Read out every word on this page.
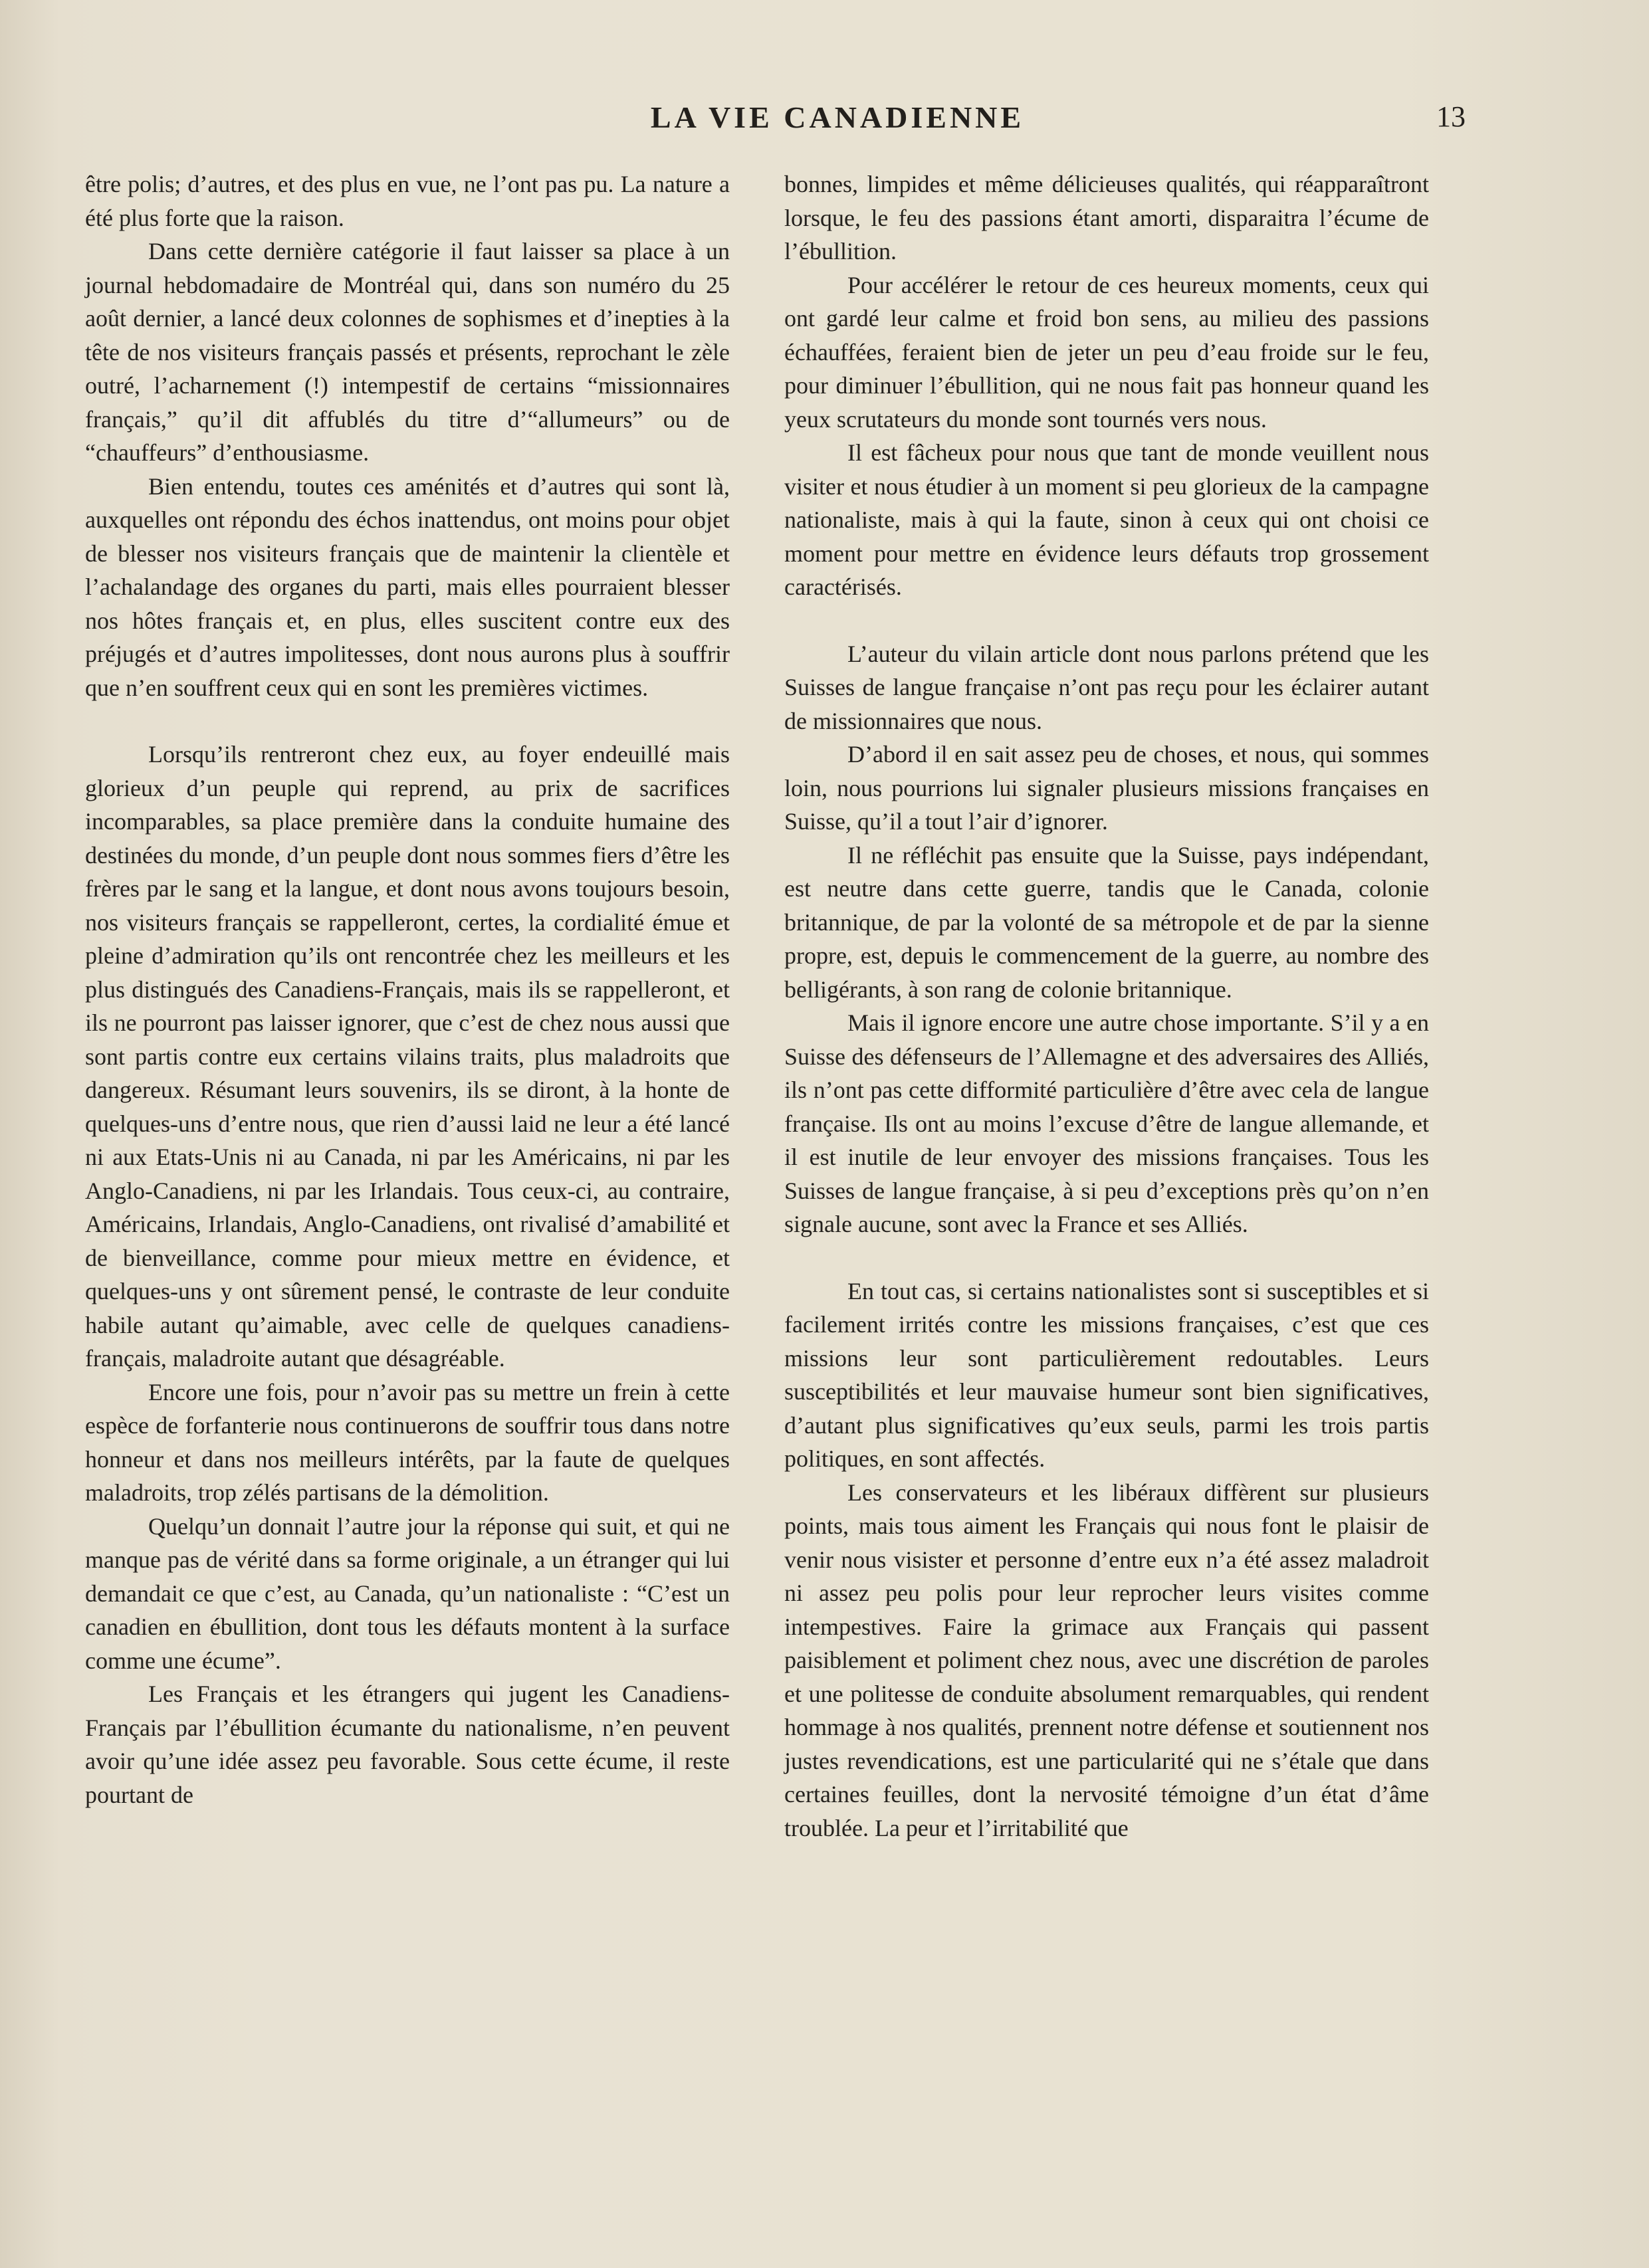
LA VIE CANADIENNE	13

être polis; d’autres, et des plus en vue, ne l’ont pas pu. La nature a été plus forte que la raison.

Dans cette dernière catégorie il faut laisser sa place à un journal hebdomadaire de Montréal qui, dans son numéro du 25 août dernier, a lancé deux colonnes de sophismes et d’inepties à la tête de nos visiteurs français passés et présents, reprochant le zèle outré, l’acharnement (!) intempestif de certains “missionnaires français,” qu’il dit affublés du titre d’“allumeurs” ou de “chauffeurs” d’enthousiasme.

Bien entendu, toutes ces aménités et d’autres qui sont là, auxquelles ont répondu des échos inattendus, ont moins pour objet de blesser nos visiteurs français que de maintenir la clientèle et l’achalandage des organes du parti, mais elles pourraient blesser nos hôtes français et, en plus, elles suscitent contre eux des préjugés et d’autres impolitesses, dont nous aurons plus à souffrir que n’en souffrent ceux qui en sont les premières victimes.

Lorsqu’ils rentreront chez eux, au foyer endeuillé mais glorieux d’un peuple qui reprend, au prix de sacrifices incomparables, sa place première dans la conduite humaine des destinées du monde, d’un peuple dont nous sommes fiers d’être les frères par le sang et la langue, et dont nous avons toujours besoin, nos visiteurs français se rappelleront, certes, la cordialité émue et pleine d’admiration qu’ils ont rencontrée chez les meilleurs et les plus distingués des Canadiens-Français, mais ils se rappelleront, et ils ne pourront pas laisser ignorer, que c’est de chez nous aussi que sont partis contre eux certains vilains traits, plus maladroits que dangereux. Résumant leurs souvenirs, ils se diront, à la honte de quelques-uns d’entre nous, que rien d’aussi laid ne leur a été lancé ni aux Etats-Unis ni au Canada, ni par les Américains, ni par les Anglo-Canadiens, ni par les Irlandais. Tous ceux-ci, au contraire, Américains, Irlandais, Anglo-Canadiens, ont rivalisé d’amabilité et de bienveillance, comme pour mieux mettre en évidence, et quelques-uns y ont sûrement pensé, le contraste de leur conduite habile autant qu’aimable, avec celle de quelques canadiens-français, maladroite autant que désagréable.

Encore une fois, pour n’avoir pas su mettre un frein à cette espèce de forfanterie nous continuerons de souffrir tous dans notre honneur et dans nos meilleurs intérêts, par la faute de quelques maladroits, trop zélés partisans de la démolition.

Quelqu’un donnait l’autre jour la réponse qui suit, et qui ne manque pas de vérité dans sa forme originale, a un étranger qui lui demandait ce que c’est, au Canada, qu’un nationaliste : “C’est un canadien en ébullition, dont tous les défauts montent à la surface comme une écume”.

Les Français et les étrangers qui jugent les Canadiens-Français par l’ébullition écumante du nationalisme, n’en peuvent avoir qu’une idée assez peu favorable. Sous cette écume, il reste pourtant de

bonnes, limpides et même délicieuses qualités, qui réapparaîtront lorsque, le feu des passions étant amorti, disparaitra l’écume de l’ébullition.

Pour accélérer le retour de ces heureux moments, ceux qui ont gardé leur calme et froid bon sens, au milieu des passions échauffées, feraient bien de jeter un peu d’eau froide sur le feu, pour diminuer l’ébullition, qui ne nous fait pas honneur quand les yeux scrutateurs du monde sont tournés vers nous.

Il est fâcheux pour nous que tant de monde veuillent nous visiter et nous étudier à un moment si peu glorieux de la campagne nationaliste, mais à qui la faute, sinon à ceux qui ont choisi ce moment pour mettre en évidence leurs défauts trop grossement caractérisés.

L’auteur du vilain article dont nous parlons prétend que les Suisses de langue française n’ont pas reçu pour les éclairer autant de missionnaires que nous.

D’abord il en sait assez peu de choses, et nous, qui sommes loin, nous pourrions lui signaler plusieurs missions françaises en Suisse, qu’il a tout l’air d’ignorer.

Il ne réfléchit pas ensuite que la Suisse, pays indépendant, est neutre dans cette guerre, tandis que le Canada, colonie britannique, de par la volonté de sa métropole et de par la sienne propre, est, depuis le commencement de la guerre, au nombre des belligérants, à son rang de colonie britannique.

Mais il ignore encore une autre chose importante. S’il y a en Suisse des défenseurs de l’Allemagne et des adversaires des Alliés, ils n’ont pas cette difformité particulière d’être avec cela de langue française. Ils ont au moins l’excuse d’être de langue allemande, et il est inutile de leur envoyer des missions françaises. Tous les Suisses de langue française, à si peu d’exceptions près qu’on n’en signale aucune, sont avec la France et ses Alliés.

En tout cas, si certains nationalistes sont si susceptibles et si facilement irrités contre les missions françaises, c’est que ces missions leur sont particulièrement redoutables. Leurs susceptibilités et leur mauvaise humeur sont bien significatives, d’autant plus significatives qu’eux seuls, parmi les trois partis politiques, en sont affectés.

Les conservateurs et les libéraux diffèrent sur plusieurs points, mais tous aiment les Français qui nous font le plaisir de venir nous visister et personne d’entre eux n’a été assez maladroit ni assez peu polis pour leur reprocher leurs visites comme intempestives. Faire la grimace aux Français qui passent paisiblement et poliment chez nous, avec une discrétion de paroles et une politesse de conduite absolument remarquables, qui rendent hommage à nos qualités, prennent notre défense et soutiennent nos justes revendications, est une particularité qui ne s’étale que dans certaines feuilles, dont la nervosité témoigne d’un état d’âme troublée. La peur et l’irritabilité que
